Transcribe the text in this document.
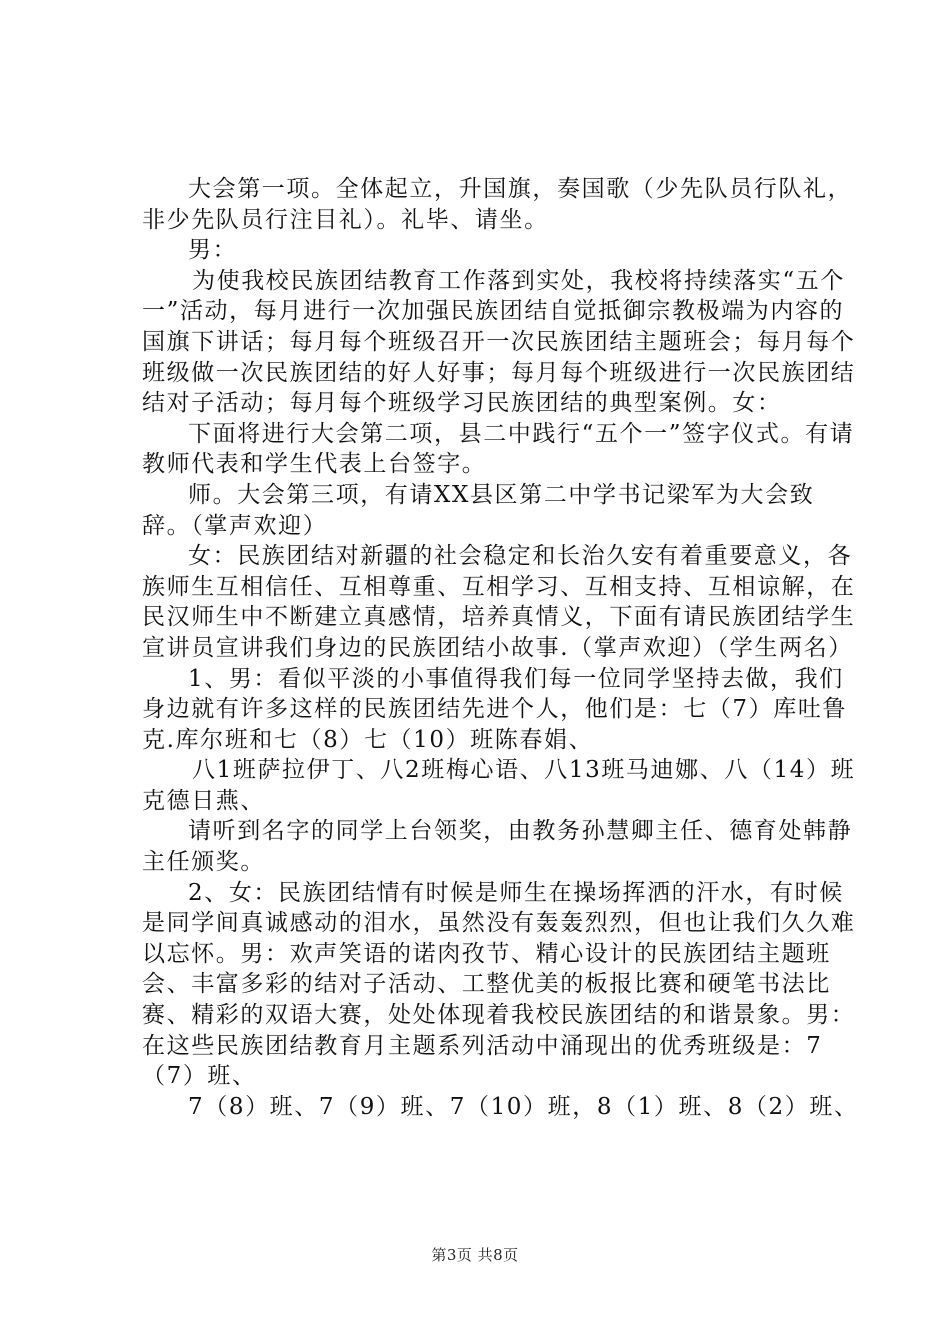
大会第一项。全体起立，升国旗，奏国歌（少先队员行队礼，非少先队员行注目礼）。礼毕、请坐。

男：

为使我校民族团结教育工作落到实处，我校将持续落实“五个一”活动，每月进行一次加强民族团结自觉抵御宗教极端为内容的国旗下讲话；每月每个班级召开一次民族团结主题班会；每月每个班级做一次民族团结的好人好事；每月每个班级进行一次民族团结结对子活动；每月每个班级学习民族团结的典型案例。女：

下面将进行大会第二项，县二中践行“五个一”签字仪式。有请教师代表和学生代表上台签字。

师。大会第三项，有请XX县区第二中学书记梁军为大会致辞。（掌声欢迎）

女：民族团结对新疆的社会稳定和长治久安有着重要意义，各族师生互相信任、互相尊重、互相学习、互相支持、互相谅解，在民汉师生中不断建立真感情，培养真情义，下面有请民族团结学生宣讲员宣讲我们身边的民族团结小故事.（掌声欢迎）（学生两名）

1、男：看似平淡的小事值得我们每一位同学坚持去做，我们身边就有许多这样的民族团结先进个人，他们是：七（7）库吐鲁克.库尔班和七（8）七（10）班陈春娟、

八1班萨拉伊丁、八2班梅心语、八13班马迪娜、八（14）班克德日燕、

请听到名字的同学上台领奖，由教务孙慧卿主任、德育处韩静主任颁奖。

2、女：民族团结情有时候是师生在操场挥洒的汗水，有时候是同学间真诚感动的泪水，虽然没有轰轰烈烈，但也让我们久久难以忘怀。男：欢声笑语的诺肉孜节、精心设计的民族团结主题班会、丰富多彩的结对子活动、工整优美的板报比赛和硬笔书法比赛、精彩的双语大赛，处处体现着我校民族团结的和谐景象。男：在这些民族团结教育月主题系列活动中涌现出的优秀班级是：7（7）班、

7（8）班、7（9）班、7（10）班，8（1）班、8（2）班、

第3页 共8页
